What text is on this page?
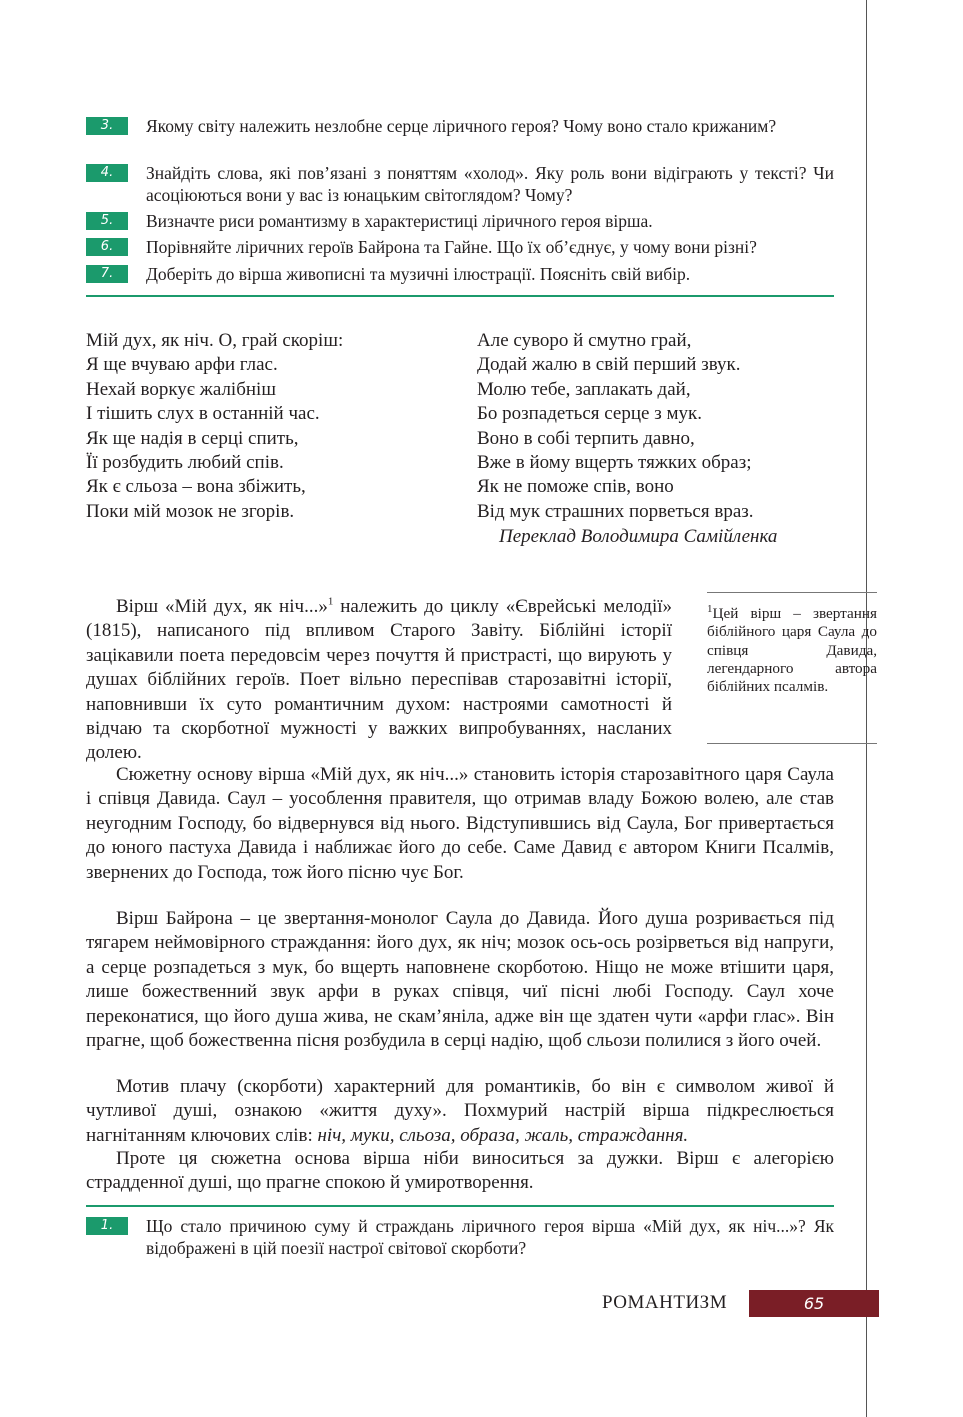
3.	Якому світу належить незлобне серце ліричного героя? Чому воно стало крижаним?
4.	Знайдіть слова, які пов’язані з поняттям «холод». Яку роль вони відіграють у тексті? Чи асоціюються вони у вас із юнацьким світоглядом? Чому?
5.	Визначте риси романтизму в характеристиці ліричного героя вірша.
6.	Порівняйте ліричних героїв Байрона та Гайне. Що їх об’єднує, у чому вони різні?
7.	Доберіть до вірша живописні та музичні ілюстрації. Поясніть свій вибір.
Мій дух, як ніч. О, грай скоріш:
Я ще вчуваю арфи глас.
Нехай воркує жалібніш
І тішить слух в останній час.
Як ще надія в серці спить,
Її розбудить любий спів.
Як є сльоза – вона збіжить,
Поки мій мозок не згорів.
Але суворо й смутно грай,
Додай жалю в свій перший звук.
Молю тебе, заплакать дай,
Бо розпадеться серце з мук.
Воно в собі терпить давно,
Вже в йому вщерть тяжких образ;
Як не поможе спів, воно
Від мук страшних порветься враз.
Переклад Володимира Самійленка

Вірш «Мій дух, як ніч...»$^1$ належить до циклу «Єврейські мелодії» (1815), написаного під впливом Старого Завіту. Біблійні історії зацікавили поета передовсім через почуття й пристрасті, що вирують у душах біблійних героїв. Поет вільно переспівав старозавітні історії, наповнивши їх суто романтичним духом: настроями самотності й відчаю та скорботної мужності у важких випробуваннях, насланих долею.

Сюжетну основу вірша «Мій дух, як ніч...» становить історія старозавітного царя Саула і співця Давида. Саул – уособлення правителя, що отримав владу Божою волею, але став неугодним Господу, бо відвернувся від нього. Відступившись від Саула, Бог привертається до юного пастуха Давида і наближає його до себе. Саме Давид є автором Книги Псалмів, звернених до Господа, тож його пісню чує Бог.

Вірш Байрона – це звертання-монолог Саула до Давида. Його душа розривається під тягарем неймовірного страждання: його дух, як ніч; мозок ось-ось розірветься від напруги, а серце розпадеться з мук, бо вщерть наповнене скорботою. Ніщо не може втішити царя, лише божественний звук арфи в руках співця, чиї пісні любі Господу. Саул хоче переконатися, що його душа жива, не скам’яніла, адже він ще здатен чути «арфи глас». Він прагне, щоб божественна пісня розбудила в серці надію, щоб сльози полилися з його очей.

Мотив плачу (скорботи) характерний для романтиків, бо він є символом живої й чутливої душі, ознакою «життя духу». Похмурий настрій вірша підкреслюється нагнітанням ключових слів: ніч, муки, сльоза, образа, жаль, страждання.

Проте ця сюжетна основа вірша ніби виноситься за дужки. Вірш є алегорією страдденної душі, що прагне спокою й умиротворення.

$^1$Цей вірш – звертання біблійного царя Саула до співця Давида, легендарного автора біблійних псалмів.
1.	Що стало причиною суму й страждань ліричного героя вірша «Мій дух, як ніч...»? Як відображені в цій поезії настрої світової скорботи?
РОМАНТИЗМ	65
